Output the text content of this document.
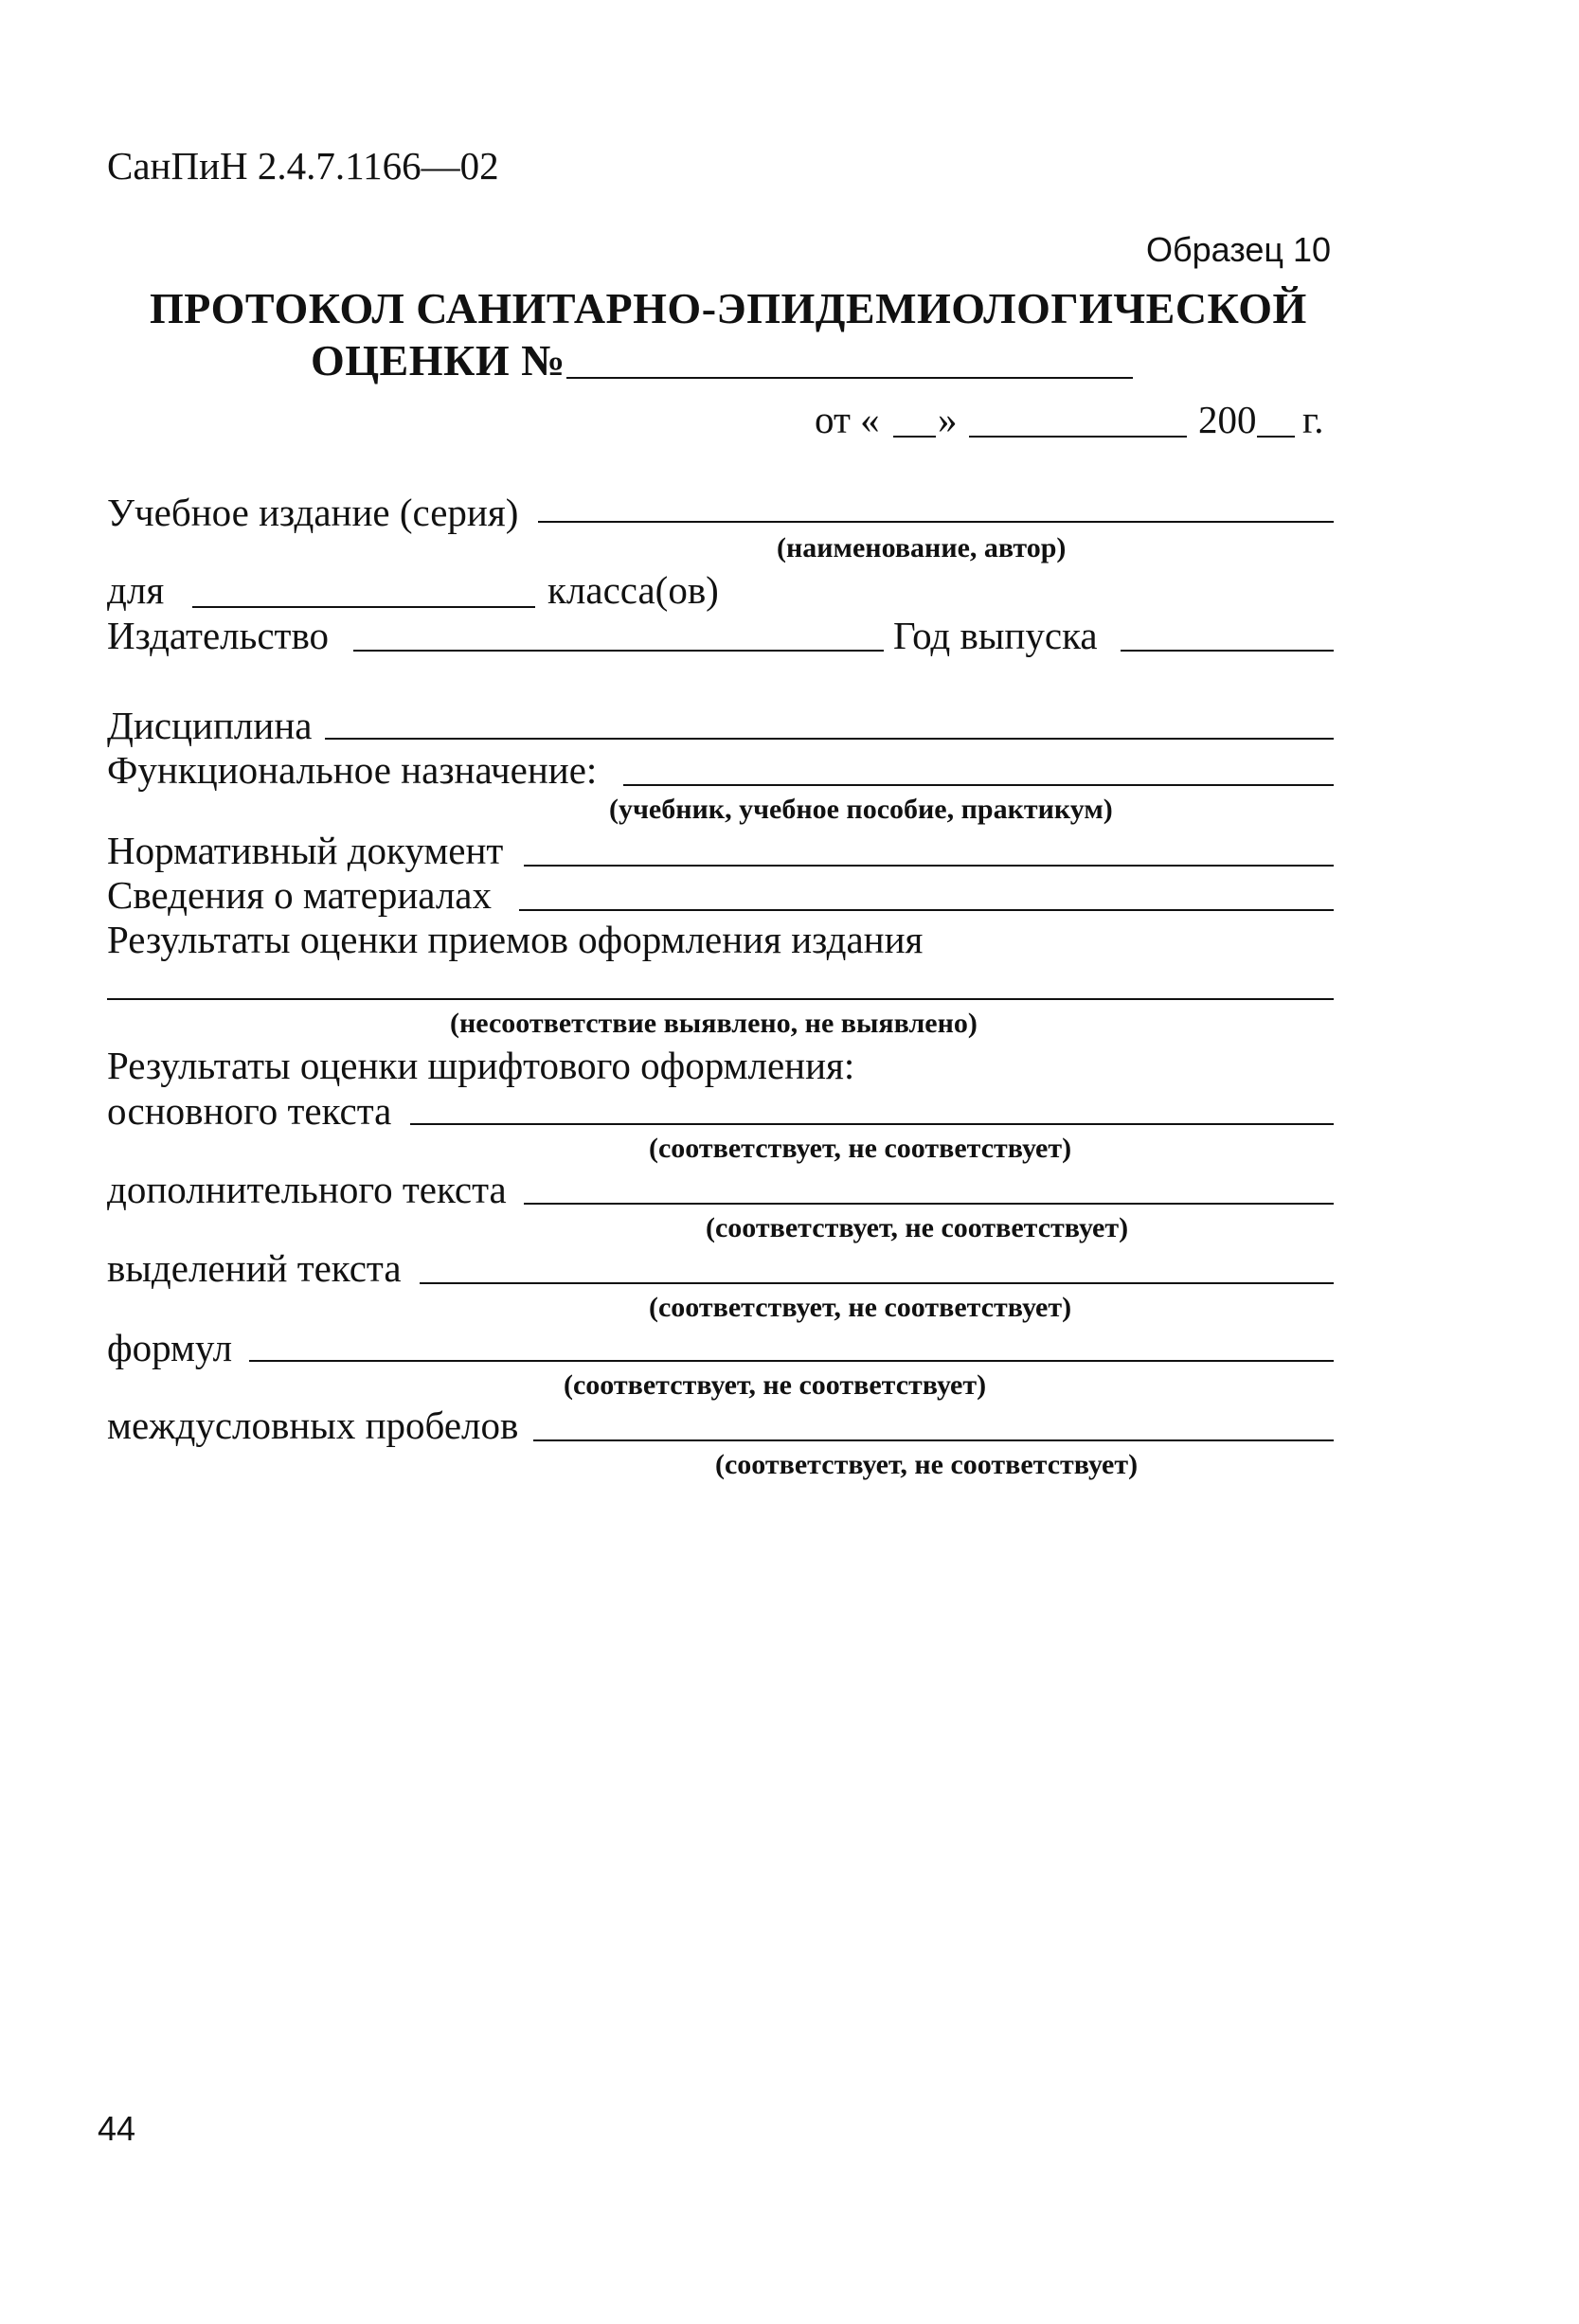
СанПиН 2.4.7.1166—02
Образец 10
ПРОТОКОЛ САНИТАРНО-ЭПИДЕМИОЛОГИЧЕСКОЙ
ОЦЕНКИ №
от « »	200 г.
Учебное издание (серия)
(наименование, автор)
для	класса(ов)
Издательство	Год выпуска
Дисциплина
Функциональное назначение:
(учебник, учебное пособие, практикум)
Нормативный документ
Сведения о материалах
Результаты оценки приемов оформления издания
(несоответствие выявлено, не выявлено)
Результаты оценки шрифтового оформления:
основного текста
(соответствует, не соответствует)
дополнительного текста
(соответствует, не соответствует)
выделений текста
(соответствует, не соответствует)
формул
(соответствует, не соответствует)
междусловных пробелов
(соответствует, не соответствует)
44
